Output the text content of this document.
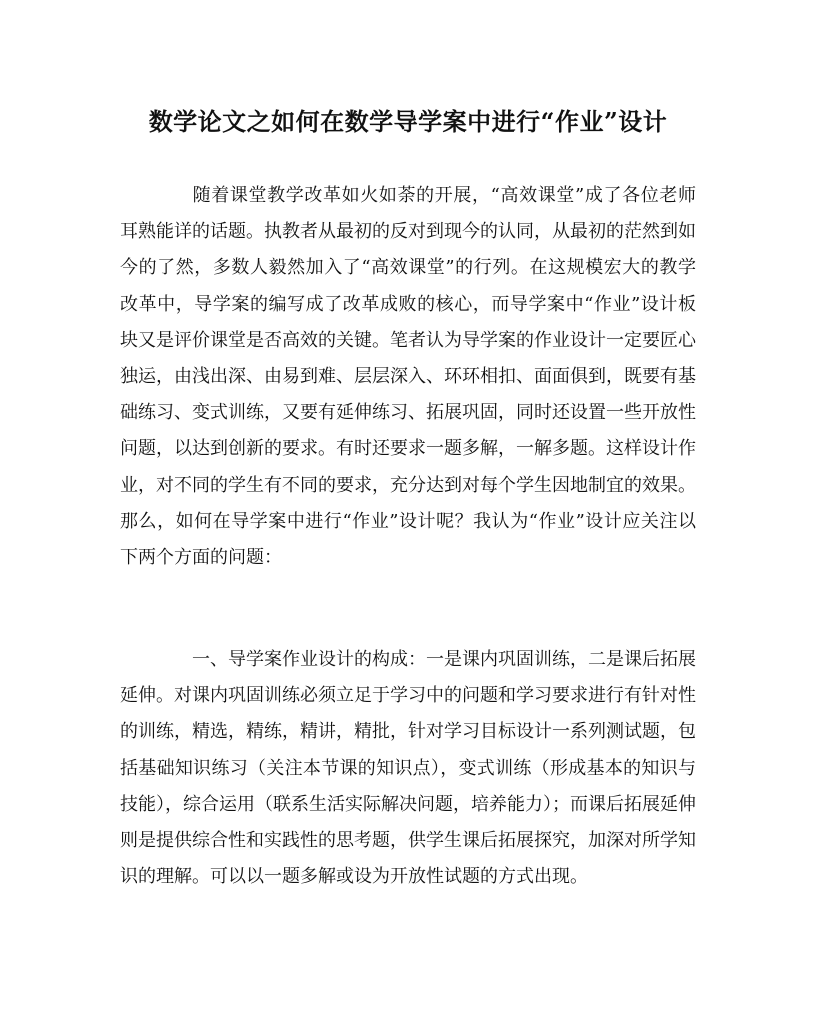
数学论文之如何在数学导学案中进行“作业”设计

随着课堂教学改革如火如荼的开展，“高效课堂”成了各位老师耳熟能详的话题。执教者从最初的反对到现今的认同，从最初的茫然到如今的了然，多数人毅然加入了“高效课堂”的行列。在这规模宏大的教学改革中，导学案的编写成了改革成败的核心，而导学案中“作业”设计板块又是评价课堂是否高效的关键。笔者认为导学案的作业设计一定要匠心独运，由浅出深、由易到难、层层深入、环环相扣、面面俱到，既要有基础练习、变式训练，又要有延伸练习、拓展巩固，同时还设置一些开放性问题，以达到创新的要求。有时还要求一题多解，一解多题。这样设计作业，对不同的学生有不同的要求，充分达到对每个学生因地制宜的效果。那么，如何在导学案中进行“作业”设计呢？我认为“作业”设计应关注以下两个方面的问题：

一、导学案作业设计的构成：一是课内巩固训练，二是课后拓展延伸。对课内巩固训练必须立足于学习中的问题和学习要求进行有针对性的训练，精选，精练，精讲，精批，针对学习目标设计一系列测试题，包括基础知识练习（关注本节课的知识点），变式训练（形成基本的知识与技能），综合运用（联系生活实际解决问题，培养能力）；而课后拓展延伸则是提供综合性和实践性的思考题，供学生课后拓展探究，加深对所学知识的理解。可以以一题多解或设为开放性试题的方式出现。
